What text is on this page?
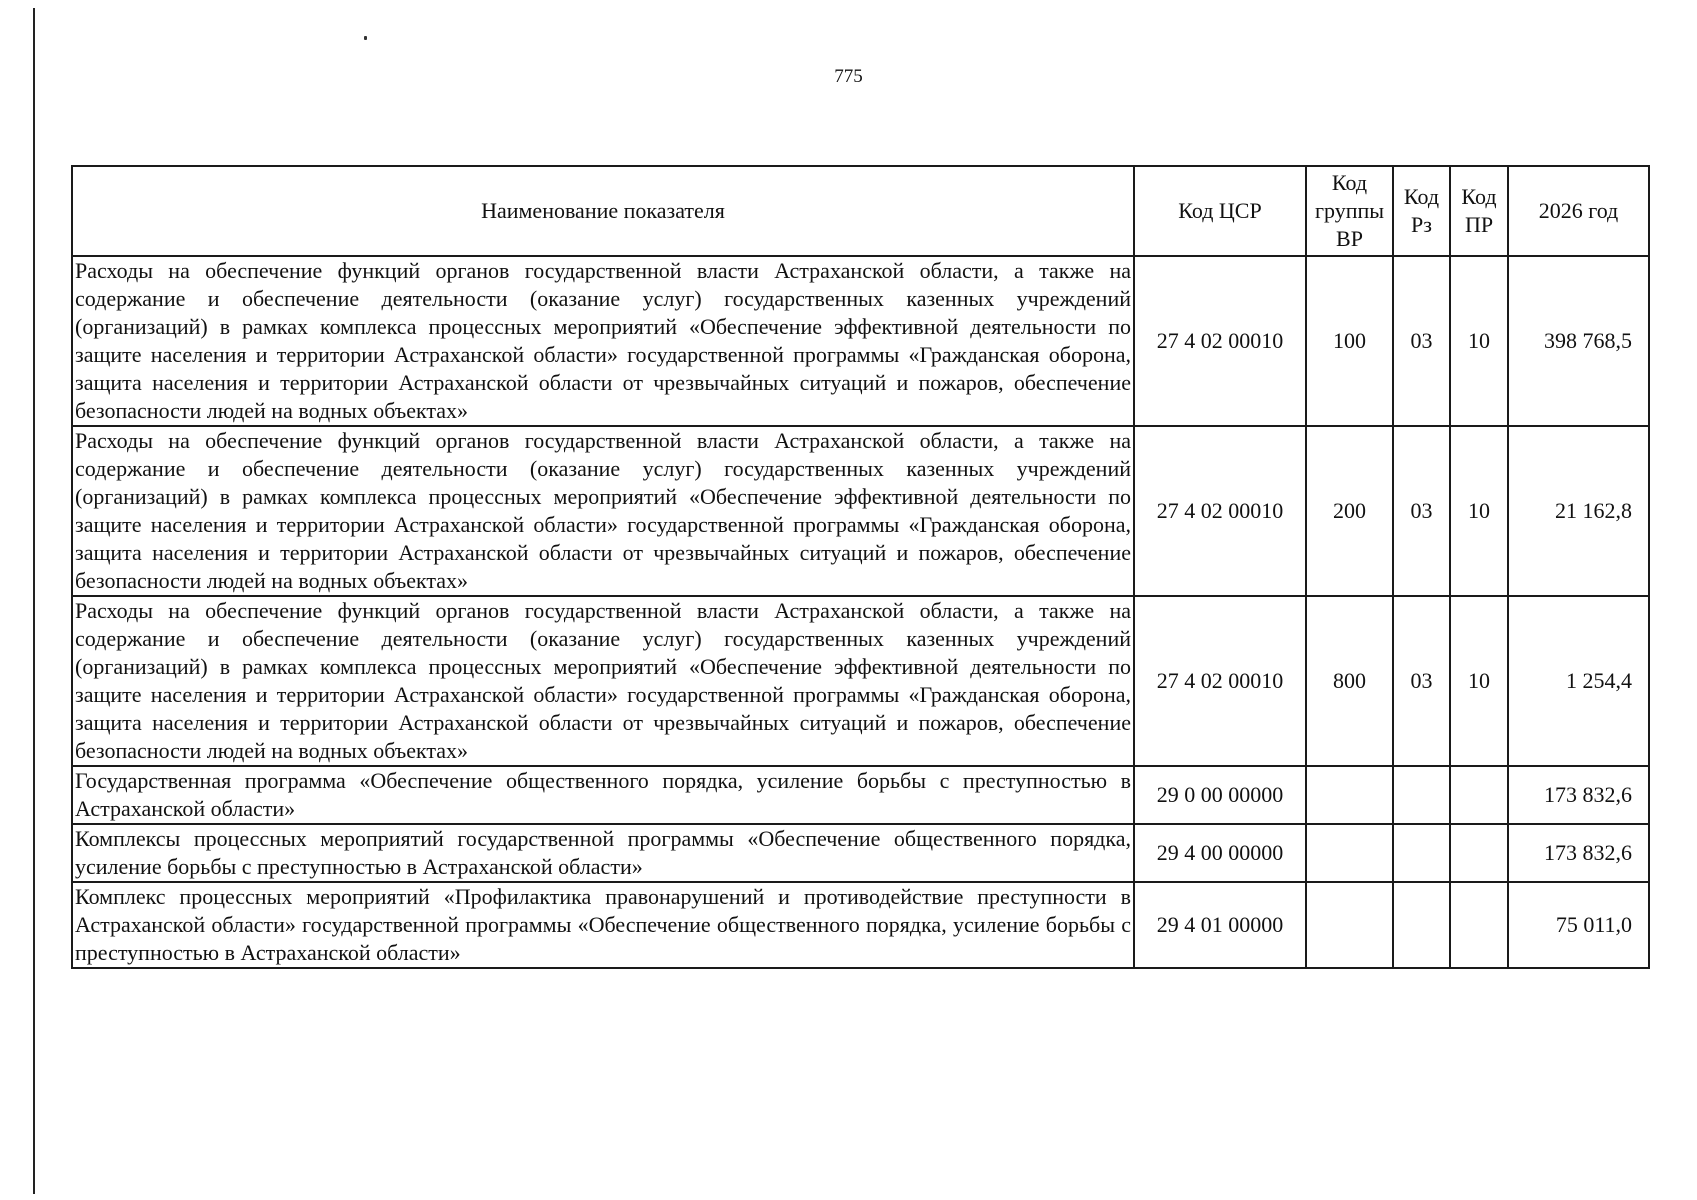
775
Наименование показателя	Код ЦСР	Код группы ВР	Код Рз	Код ПР	2026 год
Расходы на обеспечение функций органов государственной власти Астраханской области, а также на содержание и обеспечение деятельности (оказание услуг) государственных казенных учреждений (организаций) в рамках комплекса процессных мероприятий «Обеспечение эффективной деятельности по защите населения и территории Астраханской области» государственной программы «Гражданская оборона, защита населения и территории Астраханской области от чрезвычайных ситуаций и пожаров, обеспечение безопасности людей на водных объектах»	27 4 02 00010	100	03	10	398 768,5
Расходы на обеспечение функций органов государственной власти Астраханской области, а также на содержание и обеспечение деятельности (оказание услуг) государственных казенных учреждений (организаций) в рамках комплекса процессных мероприятий «Обеспечение эффективной деятельности по защите населения и территории Астраханской области» государственной программы «Гражданская оборона, защита населения и территории Астраханской области от чрезвычайных ситуаций и пожаров, обеспечение безопасности людей на водных объектах»	27 4 02 00010	200	03	10	21 162,8
Расходы на обеспечение функций органов государственной власти Астраханской области, а также на содержание и обеспечение деятельности (оказание услуг) государственных казенных учреждений (организаций) в рамках комплекса процессных мероприятий «Обеспечение эффективной деятельности по защите населения и территории Астраханской области» государственной программы «Гражданская оборона, защита населения и территории Астраханской области от чрезвычайных ситуаций и пожаров, обеспечение безопасности людей на водных объектах»	27 4 02 00010	800	03	10	1 254,4
Государственная программа «Обеспечение общественного порядка, усиление борьбы с преступностью в Астраханской области»	29 0 00 00000				173 832,6
Комплексы процессных мероприятий государственной программы «Обеспечение общественного порядка, усиление борьбы с преступностью в Астраханской области»	29 4 00 00000				173 832,6
Комплекс процессных мероприятий «Профилактика правонарушений и противодействие преступности в Астраханской области» государственной программы «Обеспечение общественного порядка, усиление борьбы с преступностью в Астраханской области»	29 4 01 00000				75 011,0
